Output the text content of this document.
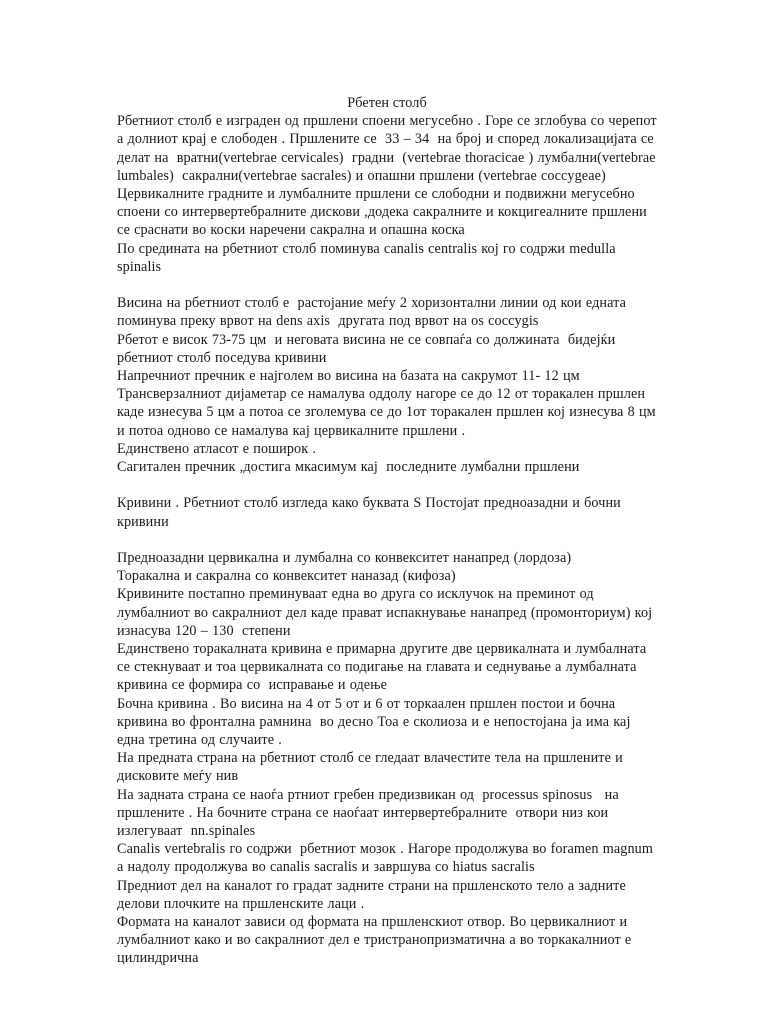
Рбетен столб

Рбетниот столб е изграден од пршлени споени мегусебно . Горе се зглобува со черепот а долниот крај е слободен . Пршлените се  33 – 34  на број и според локализацијата се делат на  вратни(vertebrae cervicales)  градни  (vertebrae thoracicae ) лумбални(vertebrae lumbales)  сакрални(vertebrae sacrales) и опашни пршлени (vertebrae coccygeae)

Цервикалните градните и лумбалните пршлени се слободни и подвижни мегусебно споени со интервертебралните дискови ,додека сакралните и кокцигеалните пршлени се сраснати во коски наречени сакрална и опашна коска

По средината на рбетниот столб поминува canalis centralis кој го содржи medulla spinalis

Висина на рбетниот столб е  растојание меѓу 2 хоризонтални линии од кои едната поминува преку врвот на dens axis  другата под врвот на os coccygis

Рбетот е висок 73-75 цм  и неговата висина не се совпаѓа со должината  бидејќи рбетниот столб поседува кривини

Напречниот пречник е најголем во висина на базата на сакрумот 11- 12 цм

Трансверзалниот дијаметар се намалува оддолу нагоре се до 12 от торакален пршлен каде изнесува 5 цм а потоа се зголемува се до 1от торакален пршлен кој изнесува 8 цм и потоа одново се намалува кај цервикалните пршлени .

Единствено атласот е поширок .

Сагитален пречник ,достига мкасимум кај  последните лумбални пршлени

Кривини . Рбетниот столб изгледа како буквата S Постојат предноазадни и бочни кривини

Предноазадни цервикална и лумбална со конвекситет нанапред (лордоза)

Торакална и сакрална со конвекситет наназад (кифоза)

Кривините постапно преминуваат една во друга со исклучок на преминот од лумбалниот во сакралниот дел каде прават испакнување нанапред (промонториум) кој изнасува 120 – 130  степени

Единствено торакалната кривина е примарна другите две цервикалната и лумбалната  се стекнуваат и тоа цервикалната со подигање на главата и седнување а лумбалната кривина се формира со  исправање и одење

Бочна кривина . Во висина на 4 от 5 от и 6 от торкаален пршлен постои и бочна кривина во фронтална рамнина  во десно Тоа е сколиоза и е непостојана ја има кај една третина од случаите .

На предната страна на рбетниот столб се гледаат влачестите тела на пршлените и дисковите меѓу нив

На задната страна се наоѓа ртниот гребен предизвикан од  processus spinosus   на пршлените . На бочните страна се наоѓаат интервертебралните  отвори низ кои излегуваат  nn.spinales

Canalis vertebralis го содржи  рбетниот мозок . Нагоре продолжува во foramen magnum а надолу продолжува во canalis sacralis и завршува со hiatus sacralis

Предниот дел на каналот го градат задните страни на пршленското тело а задните делови плочките на пршленските лаци .

Формата на каналот зависи од формата на пршленскиот отвор. Во цервикалниот и лумбалниот како и во сакралниот дел е тристранопризматична а во торкакалниот е цилиндрична
